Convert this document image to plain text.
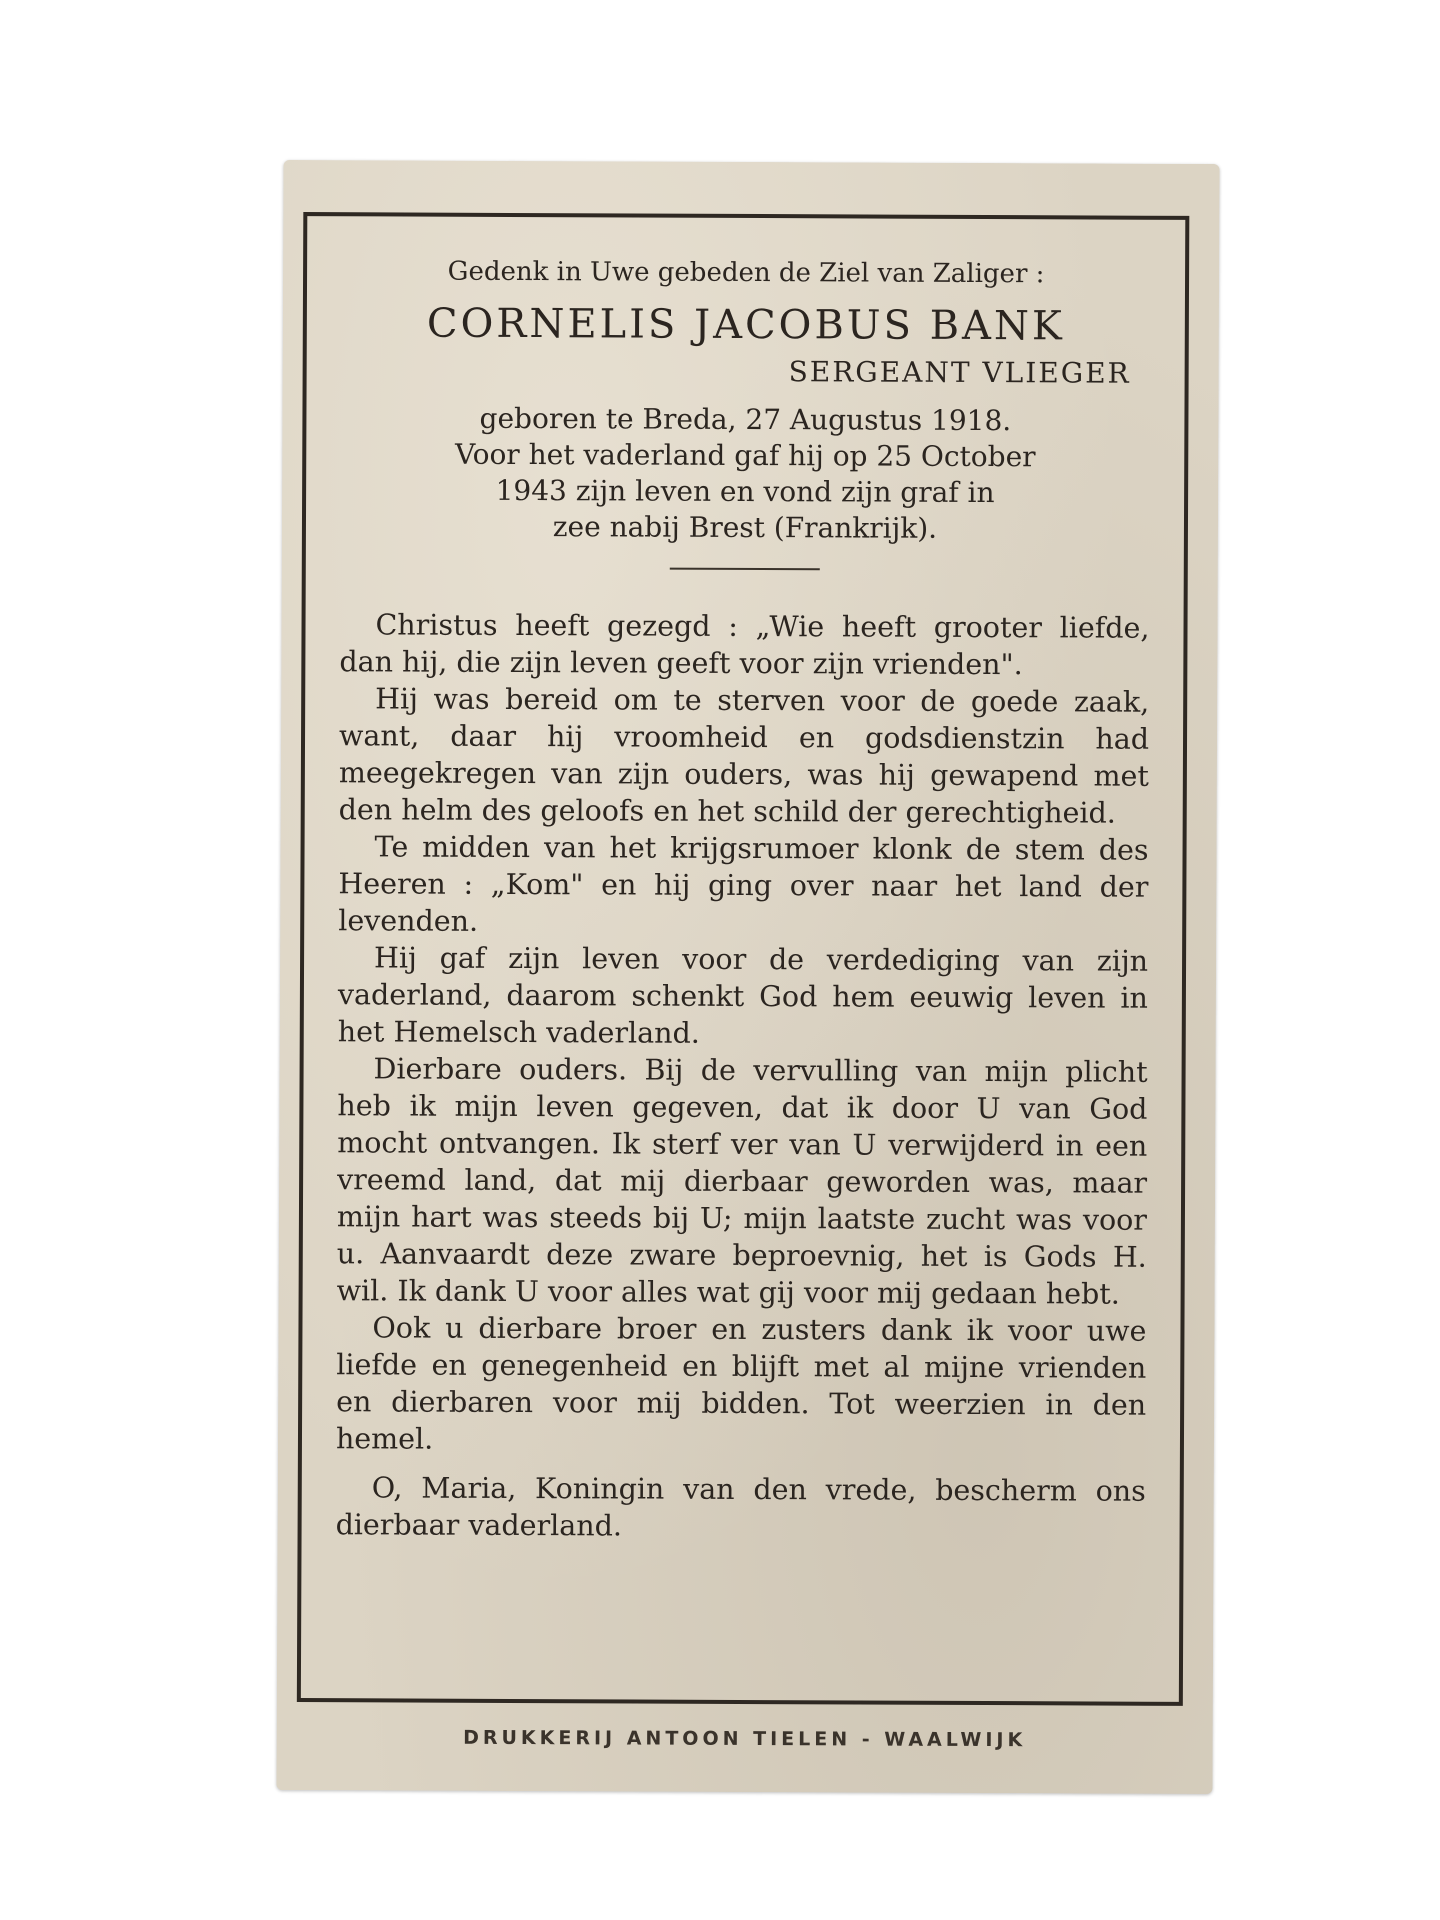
Gedenk in Uwe gebeden de Ziel van Zaliger :

CORNELIS JACOBUS BANK

SERGEANT VLIEGER

geboren te Breda, 27 Augustus 1918.
Voor het vaderland gaf hij op 25 October
1943 zijn leven en vond zijn graf in
zee nabij Brest (Frankrijk).

Christus heeft gezegd : „Wie heeft grooter liefde, dan hij, die zijn leven geeft voor zijn vrienden".

Hij was bereid om te sterven voor de goede zaak, want, daar hij vroomheid en godsdienstzin had meegekregen van zijn ouders, was hij gewapend met den helm des geloofs en het schild der gerechtigheid.

Te midden van het krijgsrumoer klonk de stem des Heeren : „Kom" en hij ging over naar het land der levenden.

Hij gaf zijn leven voor de verdediging van zijn vaderland, daarom schenkt God hem eeuwig leven in het Hemelsch vaderland.

Dierbare ouders. Bij de vervulling van mijn plicht heb ik mijn leven gegeven, dat ik door U van God mocht ontvangen. Ik sterf ver van U verwijderd in een vreemd land, dat mij dierbaar geworden was, maar mijn hart was steeds bij U; mijn laatste zucht was voor u. Aanvaardt deze zware beproevnig, het is Gods H. wil. Ik dank U voor alles wat gij voor mij gedaan hebt.

Ook u dierbare broer en zusters dank ik voor uwe liefde en genegenheid en blijft met al mijne vrienden en dierbaren voor mij bidden. Tot weerzien in den hemel.

O, Maria, Koningin van den vrede, bescherm ons dierbaar vaderland.

DRUKKERIJ ANTOON TIELEN - WAALWIJK
